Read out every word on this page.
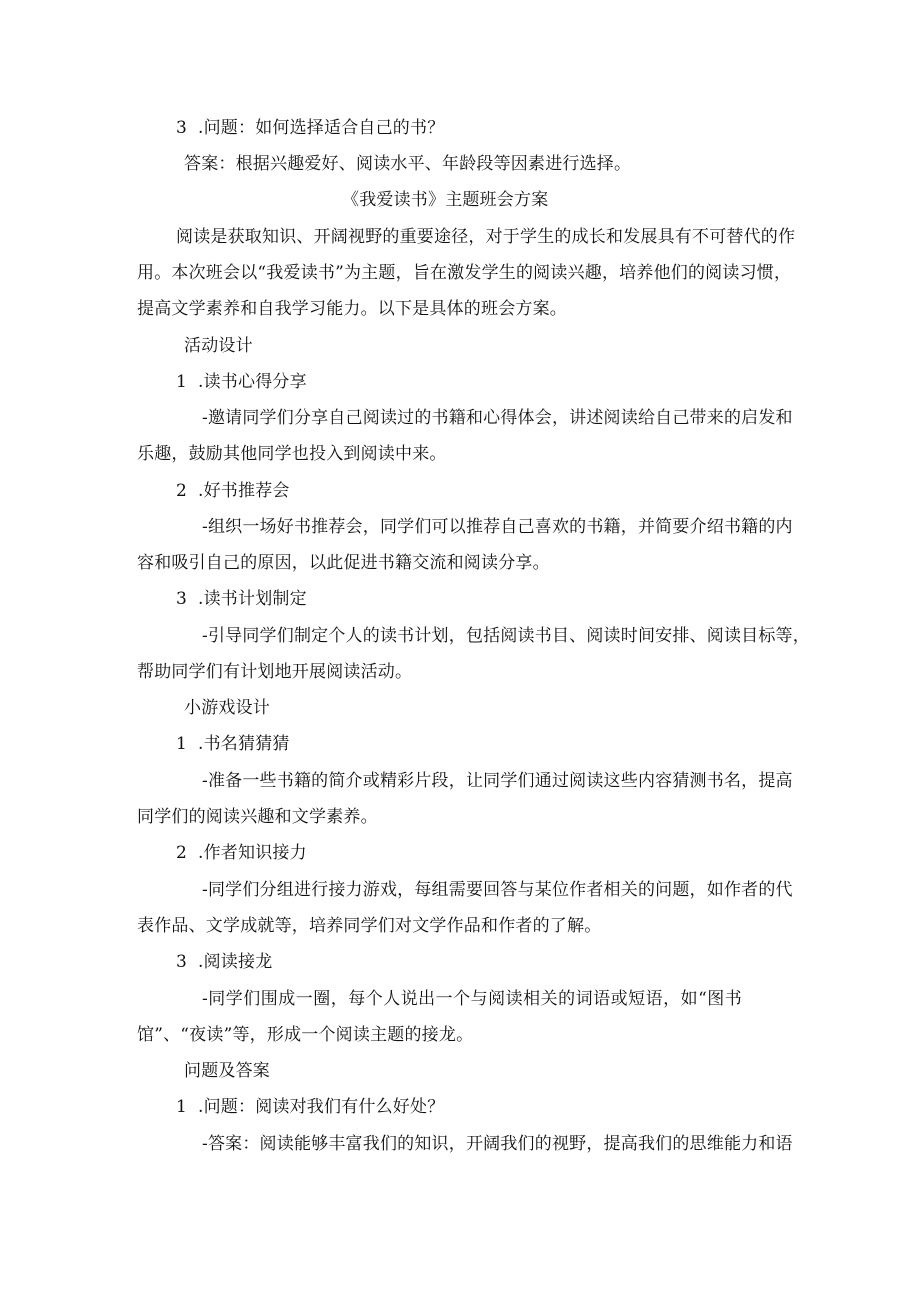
3 .问题：如何选择适合自己的书？
答案：根据兴趣爱好、阅读水平、年龄段等因素进行选择。
《我爱读书》主题班会方案
阅读是获取知识、开阔视野的重要途径，对于学生的成长和发展具有不可替代的作
用。本次班会以“我爱读书”为主题，旨在激发学生的阅读兴趣，培养他们的阅读习惯，
提高文学素养和自我学习能力。以下是具体的班会方案。
活动设计
1 .读书心得分享
-邀请同学们分享自己阅读过的书籍和心得体会，讲述阅读给自己带来的启发和
乐趣，鼓励其他同学也投入到阅读中来。
2 .好书推荐会
-组织一场好书推荐会，同学们可以推荐自己喜欢的书籍，并简要介绍书籍的内
容和吸引自己的原因，以此促进书籍交流和阅读分享。
3 .读书计划制定
-引导同学们制定个人的读书计划，包括阅读书目、阅读时间安排、阅读目标等，
帮助同学们有计划地开展阅读活动。
小游戏设计
1 .书名猜猜猜
-准备一些书籍的简介或精彩片段，让同学们通过阅读这些内容猜测书名，提高
同学们的阅读兴趣和文学素养。
2 .作者知识接力
-同学们分组进行接力游戏，每组需要回答与某位作者相关的问题，如作者的代
表作品、文学成就等，培养同学们对文学作品和作者的了解。
3 .阅读接龙
-同学们围成一圈，每个人说出一个与阅读相关的词语或短语，如“图书
馆”、“夜读”等，形成一个阅读主题的接龙。
问题及答案
1 .问题：阅读对我们有什么好处？
-答案：阅读能够丰富我们的知识，开阔我们的视野，提高我们的思维能力和语
